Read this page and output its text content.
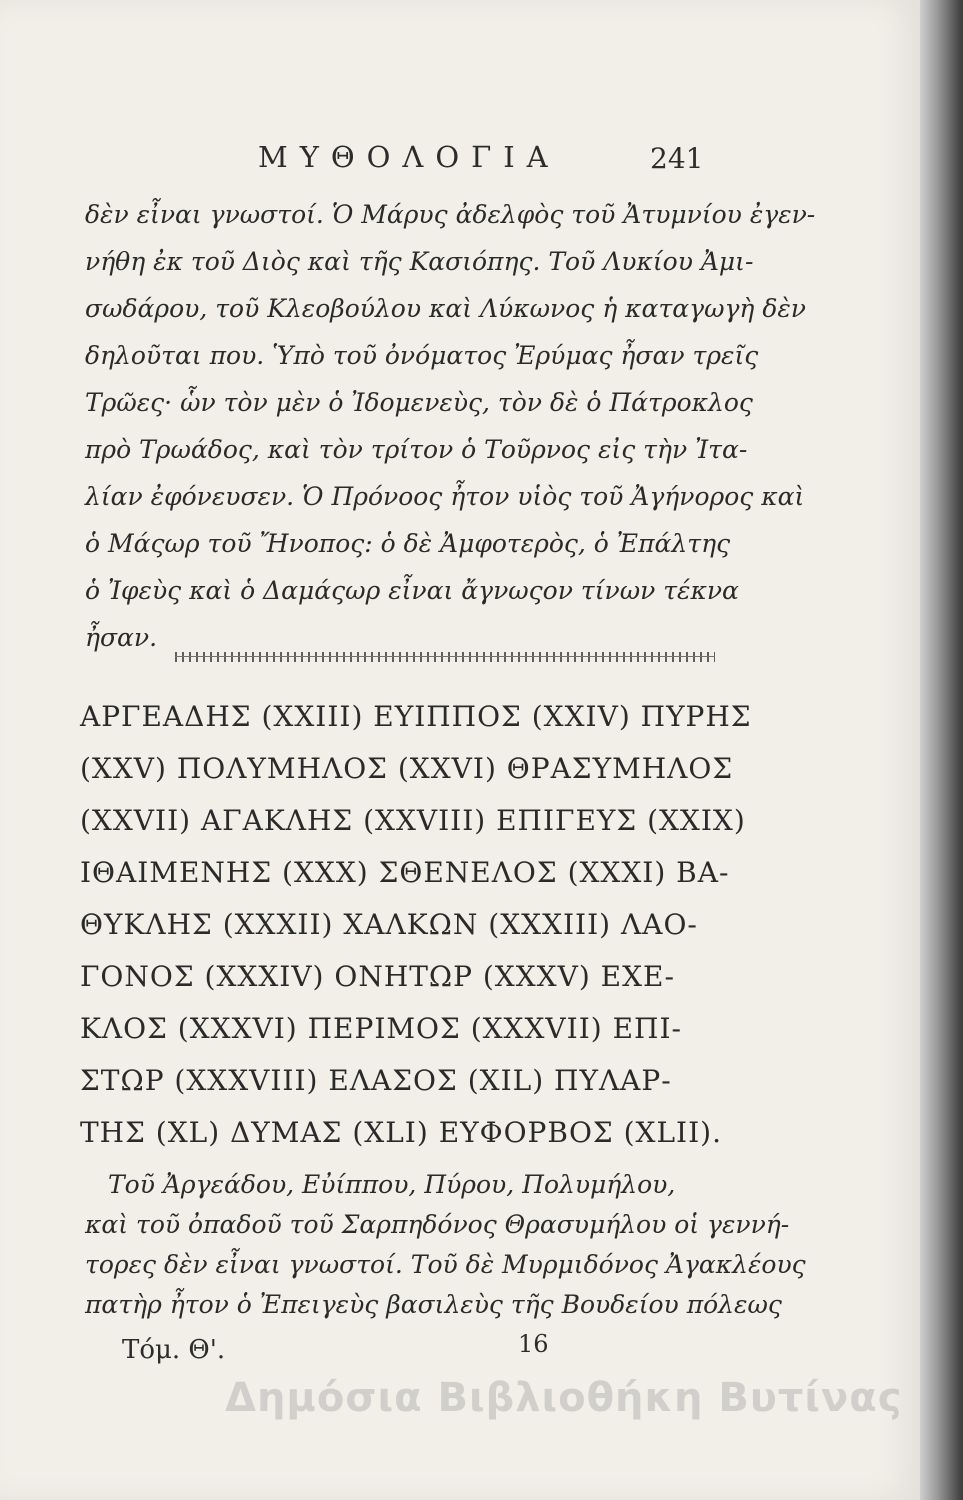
ΜΥΘΟΛΟΓΙΑ	241
δὲν εἶναι γνωστοί. Ὁ Μάρυς ἀδελφὸς τοῦ Ἀτυμνίου ἐγεν-
νήθη ἐκ τοῦ Διὸς καὶ τῆς Κασιόπης. Τοῦ Λυκίου Ἀμι-
σωδάρου, τοῦ Κλεοβούλου καὶ Λύκωνος ἡ καταγωγὴ δὲν
δηλοῦται που. Ὑπὸ τοῦ ὀνόματος Ἐρύμας ἦσαν τρεῖς
Τρῶες· ὧν τὸν μὲν ὁ Ἰδομενεὺς, τὸν δὲ ὁ Πάτροκλος
πρὸ Τρωάδος, καὶ τὸν τρίτον ὁ Τοῦρνος εἰς τὴν Ἰτα-
λίαν ἐφόνευσεν. Ὁ Πρόνοος ἦτον υἱὸς τοῦ Ἀγήνορος καὶ
ὁ Μάςωρ τοῦ Ἤνοπος: ὁ δὲ Ἀμφοτερὸς, ὁ Ἐπάλτης
ὁ Ἰφεὺς καὶ ὁ Δαμάςωρ εἶναι ἄγνωςον τίνων τέκνα
ἦσαν.
ΑΡΓΕΑΔΗΣ (XXIII) ΕΥΙΠΠΟΣ (XXIV) ΠΥΡΗΣ
(XXV) ΠΟΛΥΜΗΛΟΣ (XXVI) ΘΡΑΣΥΜΗΛΟΣ
(XXVII) ΑΓΑΚΛΗΣ (XXVIII) ΕΠΙΓΕΥΣ (XXIX)
ΙΘΑΙΜΕΝΗΣ (XXX) ΣΘΕΝΕΛΟΣ (XXXI) ΒΑ-
ΘΥΚΛΗΣ (XXXII) ΧΑΛΚΩΝ (XXXIII) ΛΑΟ-
ΓΟΝΟΣ (XXXIV) ΟΝΗΤΩΡ (XXXV) ΕΧΕ-
ΚΛΟΣ (XXXVI) ΠΕΡΙΜΟΣ (XXXVII) ΕΠΙ-
ΣΤΩΡ (XXXVIII) ΕΛΑΣΟΣ (XIL) ΠΥΛΑΡ-
ΤΗΣ (XL) ΔΥΜΑΣ (XLI) ΕΥΦΟΡΒΟΣ (XLII).
Τοῦ Ἀργεάδου, Εὐίππου, Πύρου, Πολυμήλου,
καὶ τοῦ ὀπαδοῦ τοῦ Σαρπηδόνος Θρασυμήλου οἱ γεννή-
τορες δὲν εἶναι γνωστοί. Τοῦ δὲ Μυρμιδόνος Ἀγακλέους
Τόμ. Θ'.	16
Δημόσια Βιβλιοθήκη Βυτίνας
πατὴρ ἦτον ὁ Ἐπειγεὺς βασιλεὺς τῆς Βουδείου πόλεως
